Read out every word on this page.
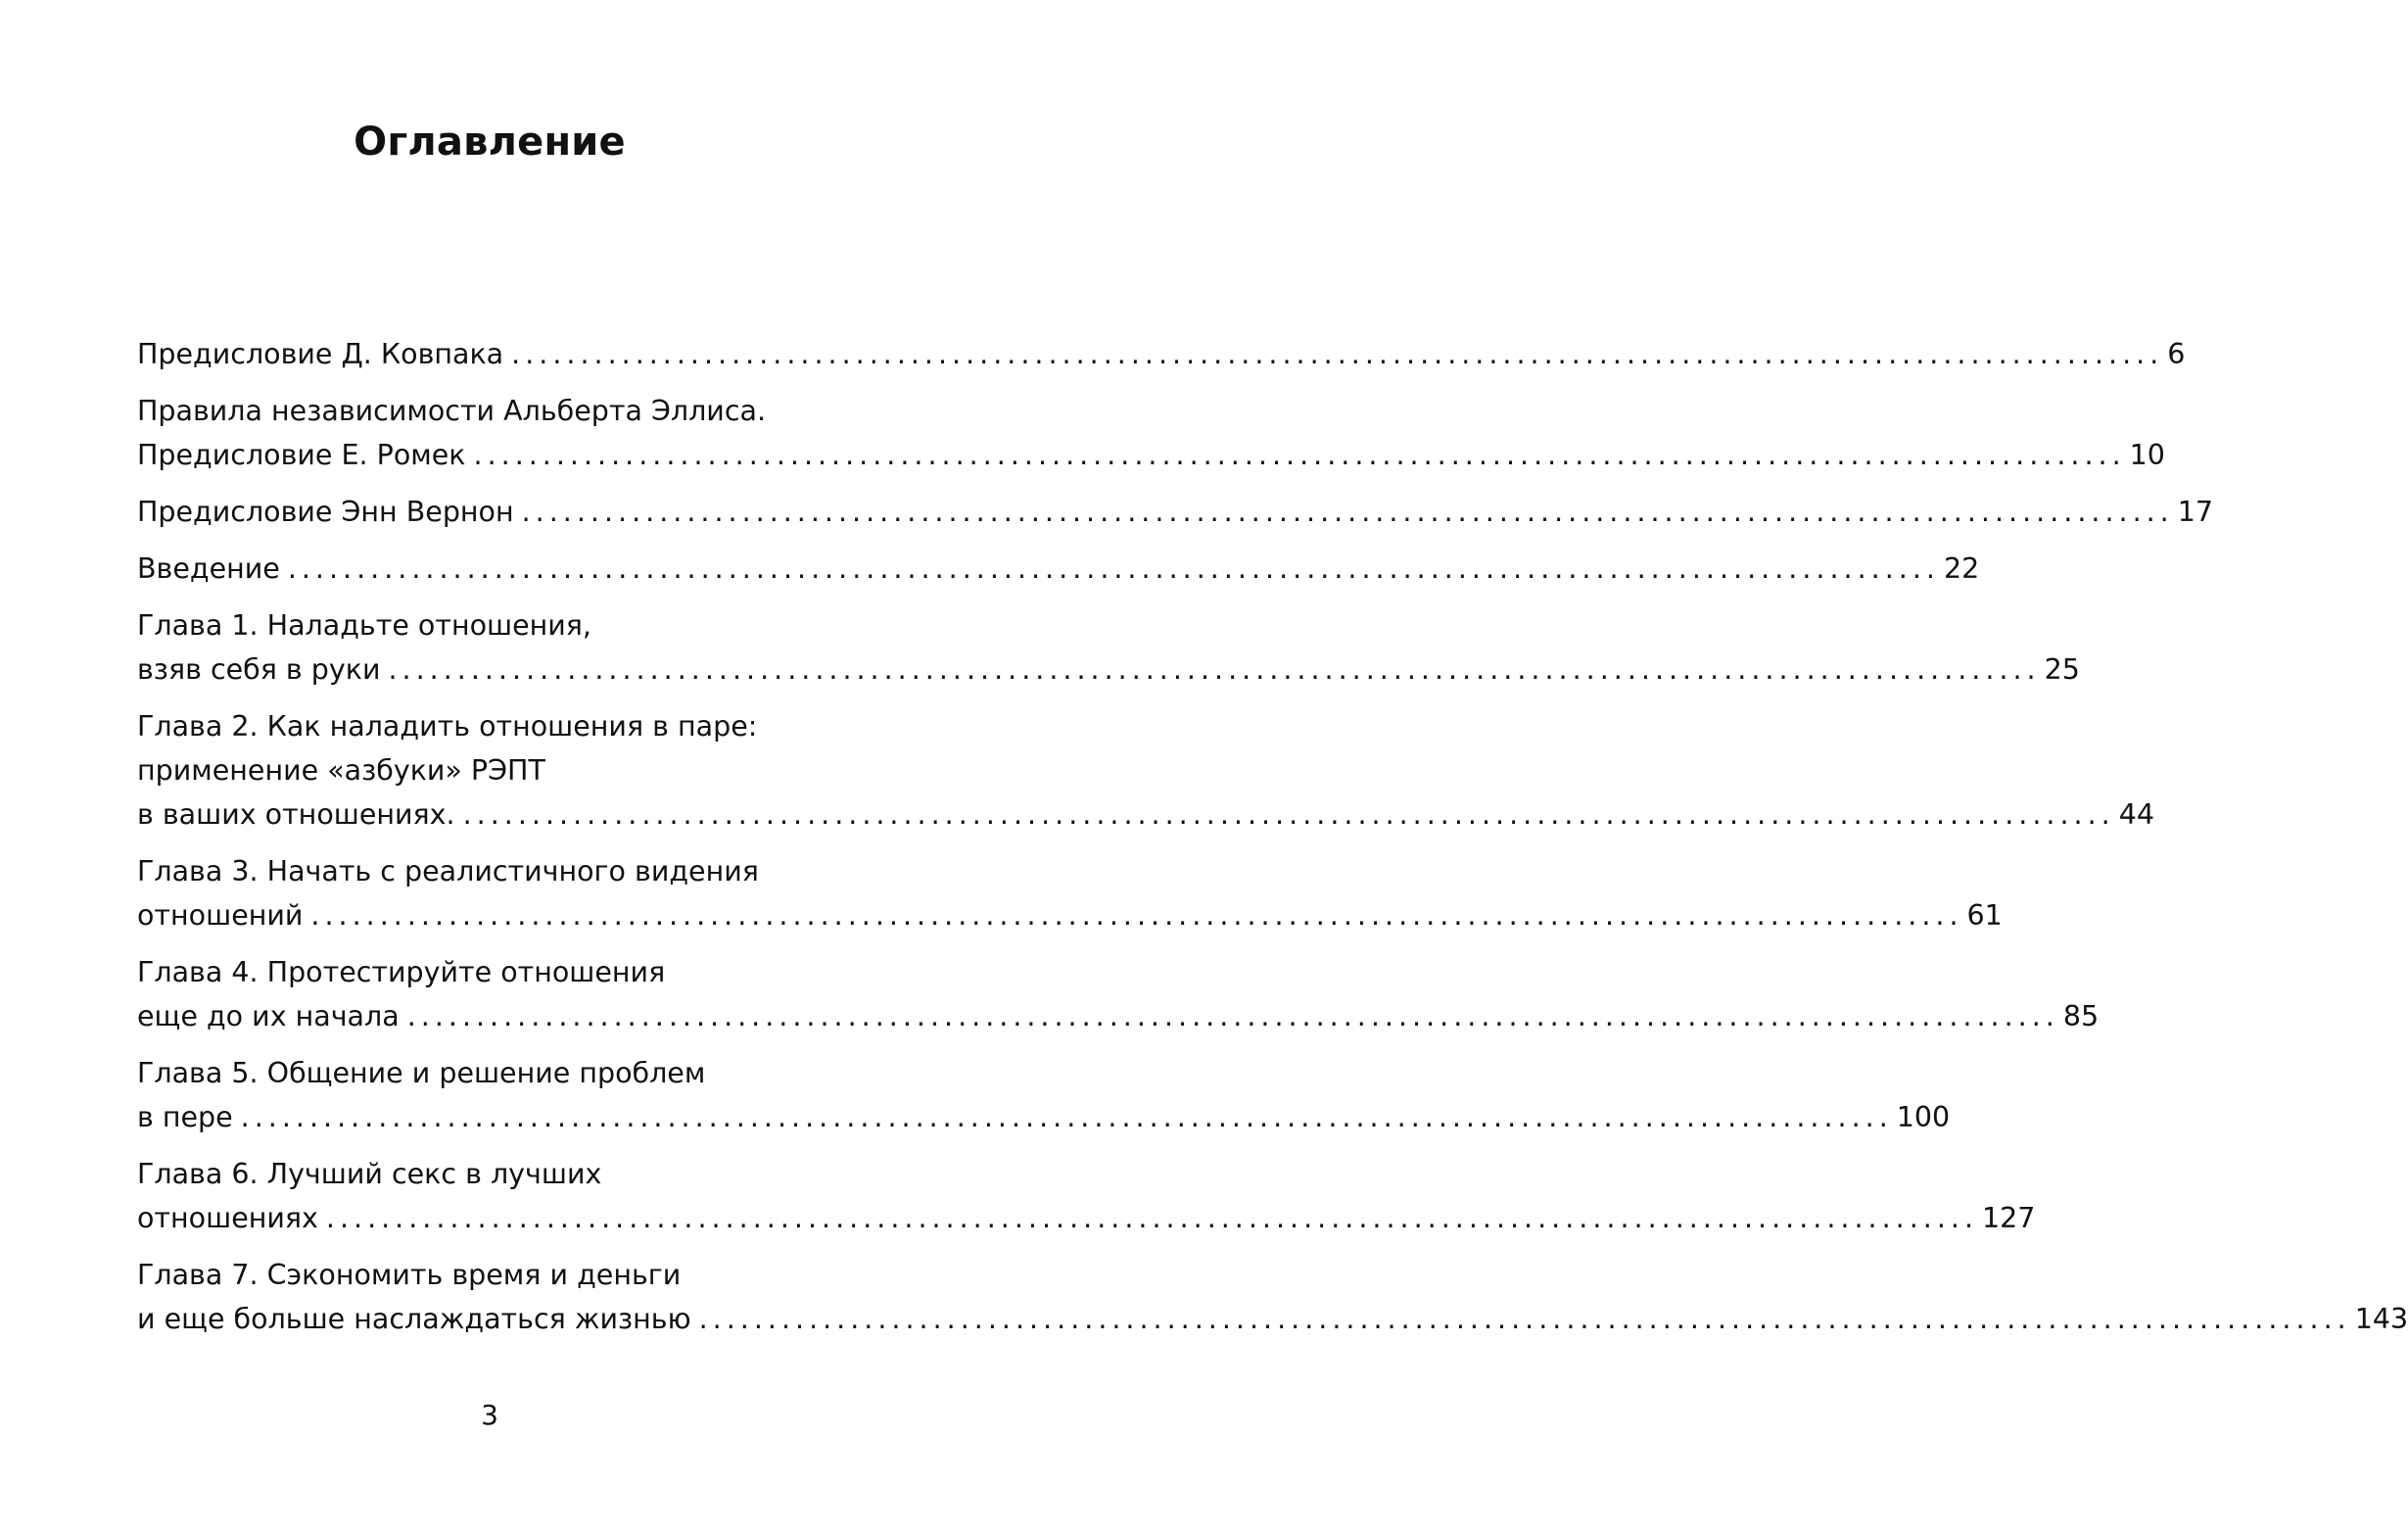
Оглавление
Предисловие Д. Ковпака ........................................................................................................................ 6
Правила независимости Альберта Эллиса.
Предисловие Е. Ромек ........................................................................................................................ 10
Предисловие Энн Вернон ........................................................................................................................ 17
Введение ........................................................................................................................ 22
Глава 1. Наладьте отношения,
взяв себя в руки ........................................................................................................................ 25
Глава 2. Как наладить отношения в паре:
применение «азбуки» РЭПТ
в ваших отношениях. ........................................................................................................................ 44
Глава 3. Начать с реалистичного видения
отношений ........................................................................................................................ 61
Глава 4. Протестируйте отношения
еще до их начала ........................................................................................................................ 85
Глава 5. Общение и решение проблем
в пере ........................................................................................................................ 100
Глава 6. Лучший секс в лучших
отношениях ........................................................................................................................ 127
Глава 7. Сэкономить время и деньги
и еще больше наслаждаться жизнью ........................................................................................................................ 143
3
